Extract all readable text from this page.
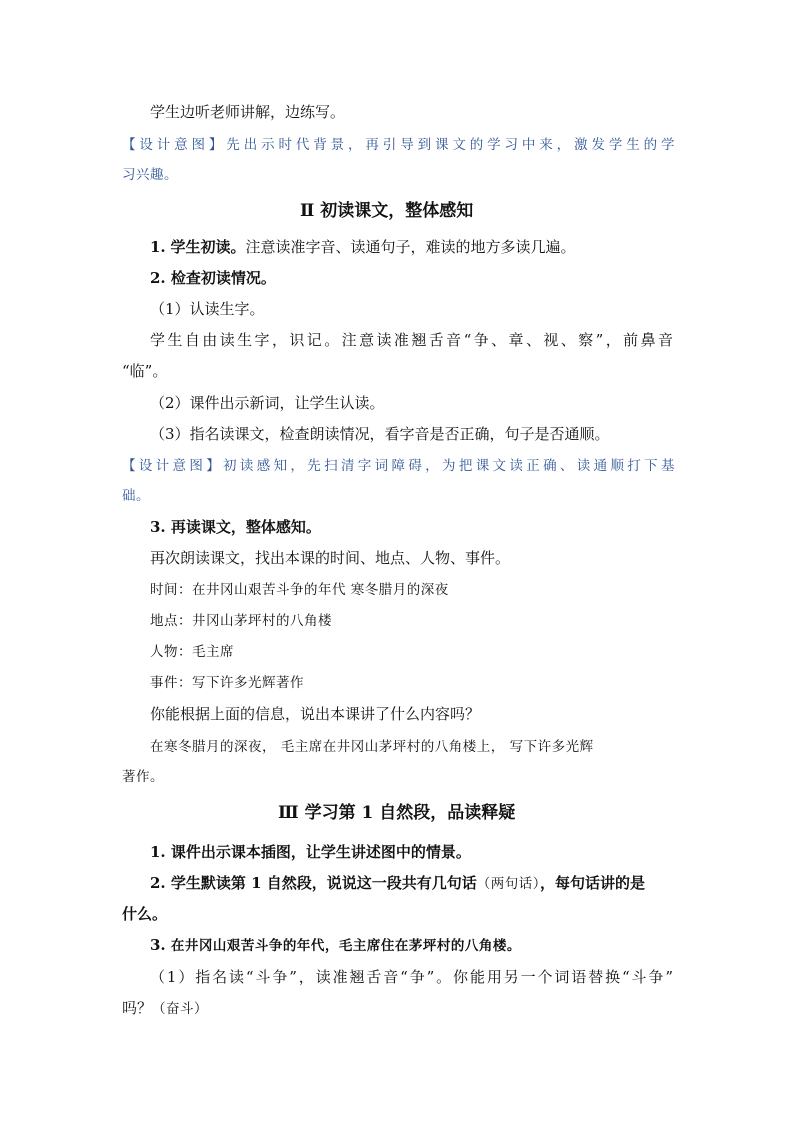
学生边听老师讲解，边练写。
【设计意图】先出示时代背景，再引导到课文的学习中来，激发学生的学
习兴趣。
Ⅱ 初读课文，整体感知
1. 学生初读。注意读准字音、读通句子，难读的地方多读几遍。
2. 检查初读情况。
（1）认读生字。
学生自由读生字，识记。注意读准翘舌音“争、章、视、察”，前鼻音
“临”。
（2）课件出示新词，让学生认读。
（3）指名读课文，检查朗读情况，看字音是否正确，句子是否通顺。
【设计意图】初读感知，先扫清字词障碍，为把课文读正确、读通顺打下基
础。
3. 再读课文，整体感知。
再次朗读课文，找出本课的时间、地点、人物、事件。
时间：在井冈山艰苦斗争的年代 寒冬腊月的深夜
地点：井冈山茅坪村的八角楼
人物：毛主席
事件：写下许多光辉著作
你能根据上面的信息，说出本课讲了什么内容吗？
在寒冬腊月的深夜， 毛主席在井冈山茅坪村的八角楼上， 写下许多光辉
著作。
Ⅲ 学习第 1 自然段，品读释疑
1. 课件出示课本插图，让学生讲述图中的情景。
2. 学生默读第 1 自然段，说说这一段共有几句话（两句话），每句话讲的是
什么。
3. 在井冈山艰苦斗争的年代，毛主席住在茅坪村的八角楼。
（1）指名读“斗争”，读准翘舌音“争”。你能用另一个词语替换“斗争”
吗？（奋斗）
